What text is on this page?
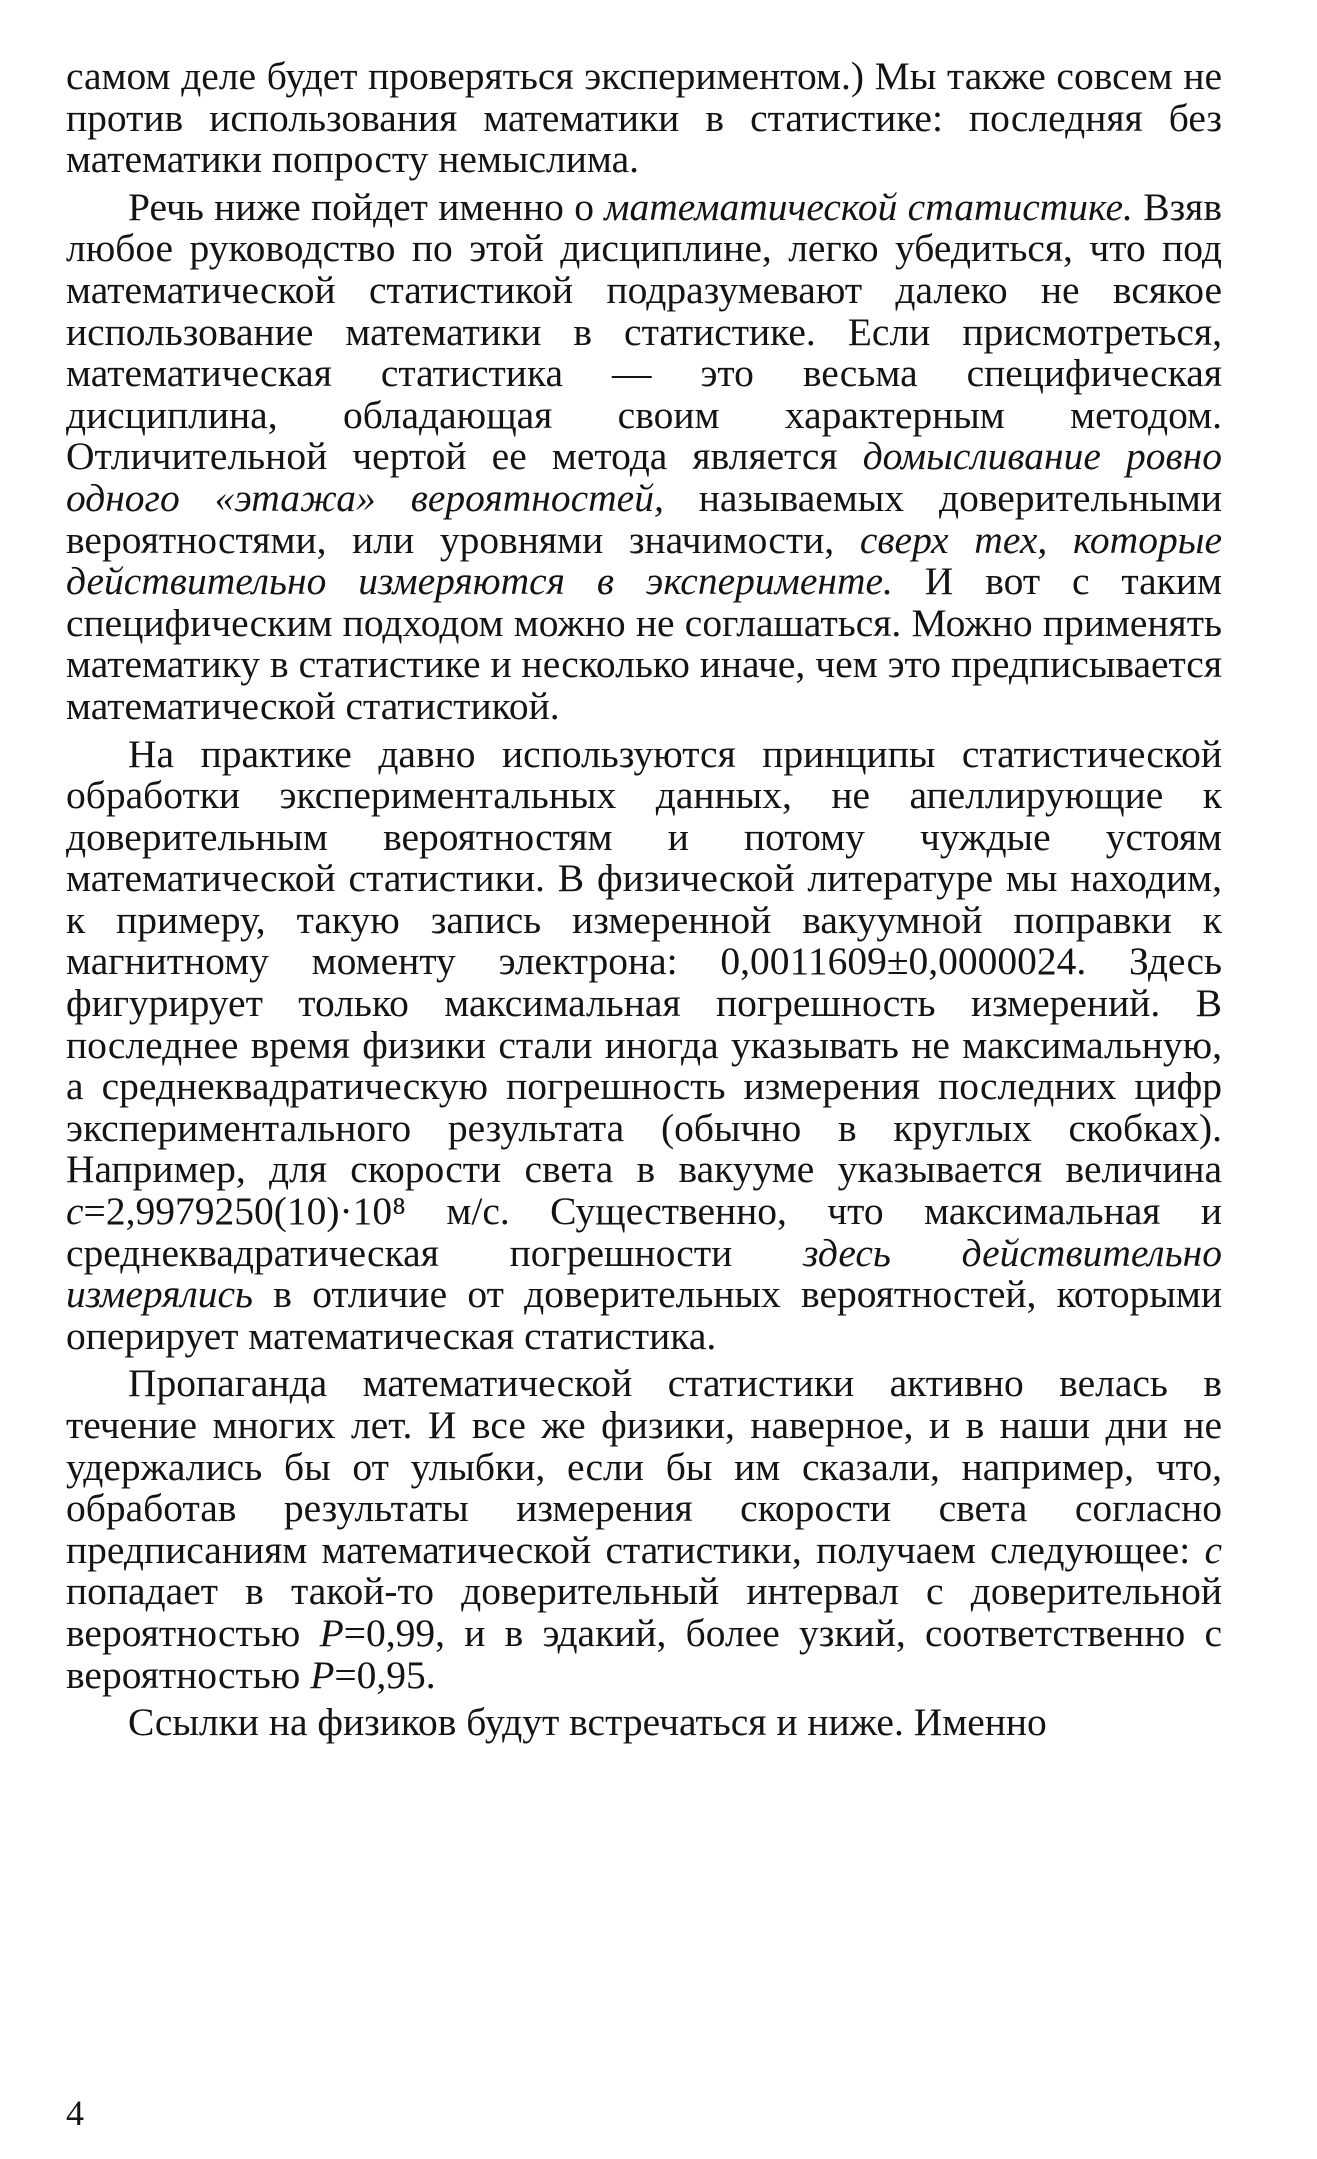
самом деле будет проверяться экспериментом.) Мы также совсем не против использования математики в статистике: последняя без математики попросту немыслима.

Речь ниже пойдет именно о математической статистике. Взяв любое руководство по этой дисциплине, легко убедиться, что под математической статистикой подразумевают далеко не всякое использование математики в статистике. Если присмотреться, математическая статистика — это весьма специфическая дисциплина, обладающая своим характерным методом. Отличительной чертой ее метода является домысливание ровно одного «этажа» вероятностей, называемых доверительными вероятностями, или уровнями значимости, сверх тех, которые действительно измеряются в эксперименте. И вот с таким специфическим подходом можно не соглашаться. Можно применять математику в статистике и несколько иначе, чем это предписывается математической статистикой.

На практике давно используются принципы статистической обработки экспериментальных данных, не апеллирующие к доверительным вероятностям и потому чуждые устоям математической статистики. В физической литературе мы находим, к примеру, такую запись измеренной вакуумной поправки к магнитному моменту электрона: 0,0011609±0,0000024. Здесь фигурирует только максимальная погрешность измерений. В последнее время физики стали иногда указывать не максимальную, а среднеквадратическую погрешность измерения последних цифр экспериментального результата (обычно в круглых скобках). Например, для скорости света в вакууме указывается величина c=2,9979250(10)·10⁸ м/с. Существенно, что максимальная и среднеквадратическая погрешности здесь действительно измерялись в отличие от доверительных вероятностей, которыми оперирует математическая статистика.

Пропаганда математической статистики активно велась в течение многих лет. И все же физики, наверное, и в наши дни не удержались бы от улыбки, если бы им сказали, например, что, обработав результаты измерения скорости света согласно предписаниям математической статистики, получаем следующее: c попадает в такой-то доверительный интервал с доверительной вероятностью P=0,99, и в эдакий, более узкий, соответственно с вероятностью P=0,95.

Ссылки на физиков будут встречаться и ниже. Именно

4
